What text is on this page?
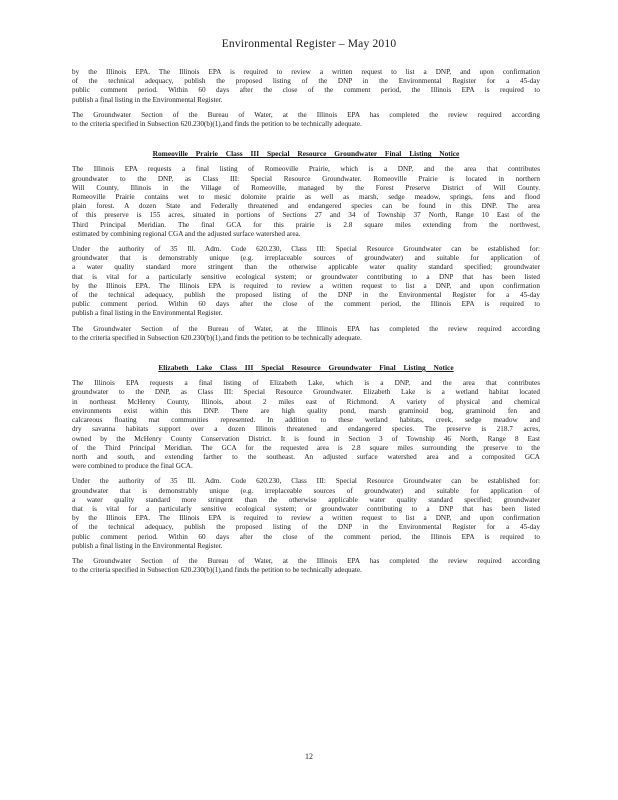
Environmental Register – May 2010

by the Illinois EPA. The Illinois EPA is required to review a written request to list a DNP, and upon confirmation
of the technical adequacy, publish the proposed listing of the DNP in the Environmental Register for a 45-day
public comment period. Within 60 days after the close of the comment period, the Illinois EPA is required to
publish a final listing in the Environmental Register.

The Groundwater Section of the Bureau of Water, at the Illinois EPA has completed the review required according
to the criteria specified in Subsection 620.230(b)(1),and finds the petition to be technically adequate.

Romeoville Prairie Class III Special Resource Groundwater Final Listing Notice

The Illinois EPA requests a final listing of Romeoville Prairie, which is a DNP, and the area that contributes
groundwater to the DNP, as Class III: Special Resource Groundwater. Romeoville Prairie is located in northern
Will County, Illinois in the Village of Romeoville, managed by the Forest Preserve District of Will County.
Romeoville Prairie contains wet to mesic dolomite prairie as well as marsh, sedge meadow, springs, fens and flood
plain forest. A dozen State and Federally threatened and endangered species can be found in this DNP. The area
of this preserve is 155 acres, situated in portions of Sections 27 and 34 of Township 37 North, Range 10 East of the
Third Principal Meridian. The final GCA for this prairie is 2.8 square miles extending from the northwest,
estimated by combining regional CGA and the adjusted surface watershed area.

Under the authority of 35 Ill. Adm. Code 620.230, Class III: Special Resource Groundwater can be established for:
groundwater that is demonstrably unique (e.g. irreplaceable sources of groundwater) and suitable for application of
a water quality standard more stringent than the otherwise applicable water quality standard specified; groundwater
that is vital for a particularly sensitive ecological system; or groundwater contributing to a DNP that has been listed
by the Illinois EPA. The Illinois EPA is required to review a written request to list a DNP, and upon confirmation
of the technical adequacy, publish the proposed listing of the DNP in the Environmental Register for a 45-day
public comment period. Within 60 days after the close of the comment period, the Illinois EPA is required to
publish a final listing in the Environmental Register.

The Groundwater Section of the Bureau of Water, at the Illinois EPA has completed the review required according
to the criteria specified in Subsection 620.230(b)(1),and finds the petition to be technically adequate.

Elizabeth Lake Class III Special Resource Groundwater Final Listing Notice

The Illinois EPA requests a final listing of Elizabeth Lake, which is a DNP, and the area that contributes
groundwater to the DNP, as Class III: Special Resource Groundwater. Elizabeth Lake is a wetland habitat located
in northeast McHenry County, Illinois, about 2 miles east of Richmond. A variety of physical and chemical
environments exist within this DNP. There are high quality pond, marsh graminoid bog, graminoid fen and
calcareous floating mat communities represented. In addition to these wetland habitats, creek, sedge meadow and
dry savanna habitats support over a dozen Illinois threatened and endangered species. The preserve is 218.7 acres,
owned by the McHenry County Conservation District. It is found in Section 3 of Township 46 North, Range 8 East
of the Third Principal Meridian. The GCA for the requested area is 2.8 square miles surrounding the preserve to the
north and south, and extending farther to the southeast. An adjusted surface watershed area and a composited GCA
were combined to produce the final GCA.

Under the authority of 35 Ill. Adm. Code 620.230, Class III: Special Resource Groundwater can be established for:
groundwater that is demonstrably unique (e.g. irreplaceable sources of groundwater) and suitable for application of
a water quality standard more stringent than the otherwise applicable water quality standard specified; groundwater
that is vital for a particularly sensitive ecological system; or groundwater contributing to a DNP that has been listed
by the Illinois EPA. The Illinois EPA is required to review a written request to list a DNP, and upon confirmation
of the technical adequacy, publish the proposed listing of the DNP in the Environmental Register for a 45-day
public comment period. Within 60 days after the close of the comment period, the Illinois EPA is required to
publish a final listing in the Environmental Register.

The Groundwater Section of the Bureau of Water, at the Illinois EPA has completed the review required according
to the criteria specified in Subsection 620.230(b)(1),and finds the petition to be technically adequate.

12
